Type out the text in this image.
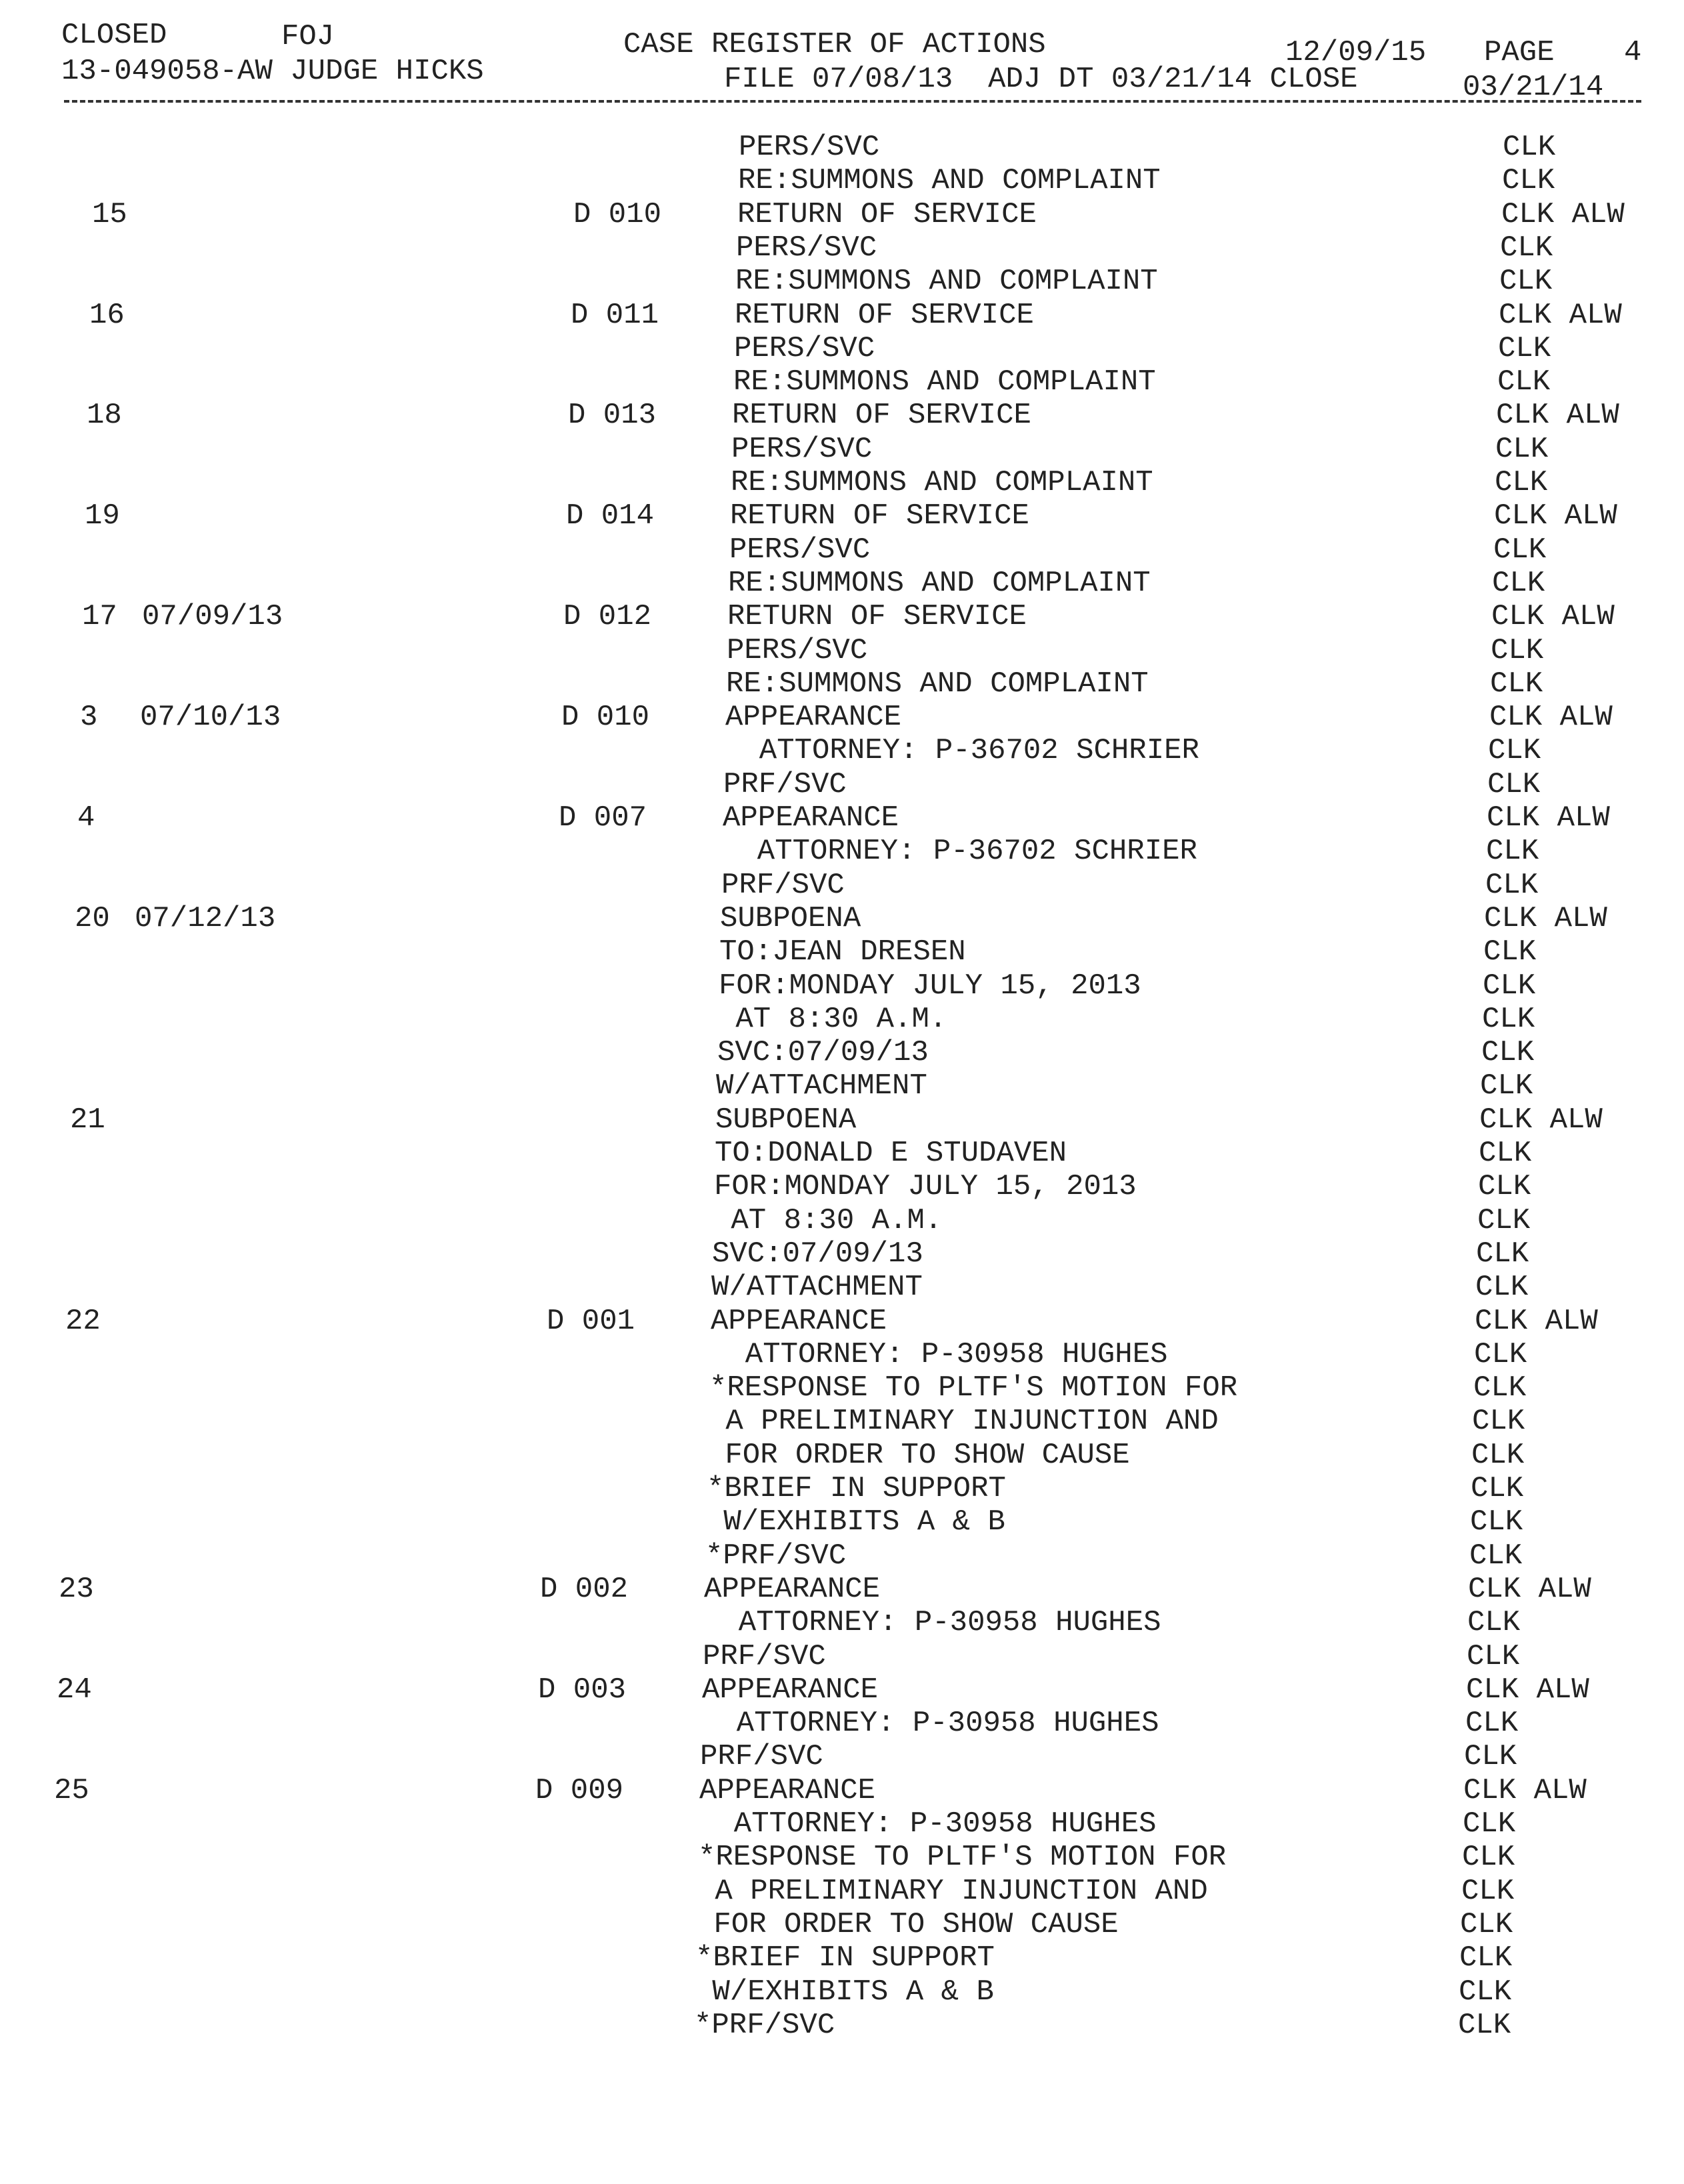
CLOSED	FOJ
13-049058-AW JUDGE HICKS
CASE REGISTER OF ACTIONS
FILE 07/08/13  ADJ DT 03/21/14 CLOSE
12/09/15 PAGE 4
03/21/14
PERS/SVC	CLK
RE:SUMMONS AND COMPLAINT	CLK
15	D 010	RETURN OF SERVICE	CLK ALW
PERS/SVC	CLK
RE:SUMMONS AND COMPLAINT	CLK
16	D 011	RETURN OF SERVICE	CLK ALW
PERS/SVC	CLK
RE:SUMMONS AND COMPLAINT	CLK
18	D 013	RETURN OF SERVICE	CLK ALW
PERS/SVC	CLK
RE:SUMMONS AND COMPLAINT	CLK
19	D 014	RETURN OF SERVICE	CLK ALW
PERS/SVC	CLK
RE:SUMMONS AND COMPLAINT	CLK
17 07/09/13	D 012	RETURN OF SERVICE	CLK ALW
PERS/SVC	CLK
RE:SUMMONS AND COMPLAINT	CLK
3 07/10/13	D 010	APPEARANCE	CLK ALW
ATTORNEY: P-36702 SCHRIER	CLK
PRF/SVC	CLK
4	D 007	APPEARANCE	CLK ALW
ATTORNEY: P-36702 SCHRIER	CLK
PRF/SVC	CLK
20 07/12/13	SUBPOENA	CLK ALW
TO:JEAN DRESEN	CLK
FOR:MONDAY JULY 15, 2013	CLK
AT 8:30 A.M.	CLK
SVC:07/09/13	CLK
W/ATTACHMENT	CLK
21	SUBPOENA	CLK ALW
TO:DONALD E STUDAVEN	CLK
FOR:MONDAY JULY 15, 2013	CLK
AT 8:30 A.M.	CLK
SVC:07/09/13	CLK
W/ATTACHMENT	CLK
22	D 001	APPEARANCE	CLK ALW
ATTORNEY: P-30958 HUGHES	CLK
*RESPONSE TO PLTF'S MOTION FOR	CLK
A PRELIMINARY INJUNCTION AND	CLK
FOR ORDER TO SHOW CAUSE	CLK
*BRIEF IN SUPPORT	CLK
W/EXHIBITS A & B	CLK
*PRF/SVC	CLK
23	D 002	APPEARANCE	CLK ALW
ATTORNEY: P-30958 HUGHES	CLK
PRF/SVC	CLK
24	D 003	APPEARANCE	CLK ALW
ATTORNEY: P-30958 HUGHES	CLK
PRF/SVC	CLK
25	D 009	APPEARANCE	CLK ALW
ATTORNEY: P-30958 HUGHES	CLK
*RESPONSE TO PLTF'S MOTION FOR	CLK
A PRELIMINARY INJUNCTION AND	CLK
FOR ORDER TO SHOW CAUSE	CLK
*BRIEF IN SUPPORT	CLK
W/EXHIBITS A & B	CLK
*PRF/SVC	CLK
